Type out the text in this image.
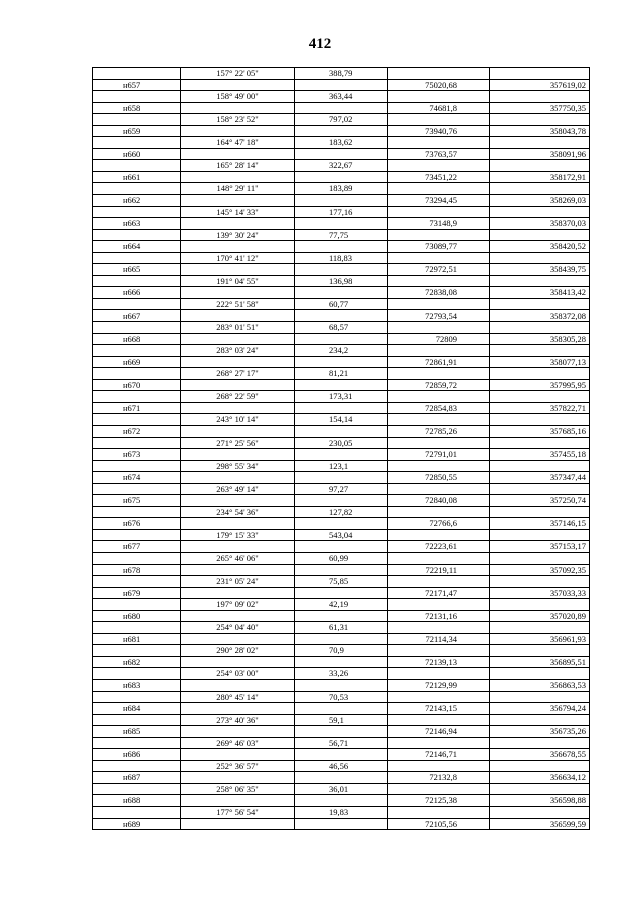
412
	157° 22' 05"	388,79		
н657			75020,68	357619,02
	158° 49' 00"	363,44		
н658			74681,8	357750,35
	158° 23' 52"	797,02		
н659			73940,76	358043,78
	164° 47' 18"	183,62		
н660			73763,57	358091,96
	165° 28' 14"	322,67		
н661			73451,22	358172,91
	148° 29' 11"	183,89		
н662			73294,45	358269,03
	145° 14' 33"	177,16		
н663			73148,9	358370,03
	139° 30' 24"	77,75		
н664			73089,77	358420,52
	170° 41' 12"	118,83		
н665			72972,51	358439,75
	191° 04' 55"	136,98		
н666			72838,08	358413,42
	222° 51' 58"	60,77		
н667			72793,54	358372,08
	283° 01' 51"	68,57		
н668			72809	358305,28
	283° 03' 24"	234,2		
н669			72861,91	358077,13
	268° 27' 17"	81,21		
н670			72859,72	357995,95
	268° 22' 59"	173,31		
н671			72854,83	357822,71
	243° 10' 14"	154,14		
н672			72785,26	357685,16
	271° 25' 56"	230,05		
н673			72791,01	357455,18
	298° 55' 34"	123,1		
н674			72850,55	357347,44
	263° 49' 14"	97,27		
н675			72840,08	357250,74
	234° 54' 36"	127,82		
н676			72766,6	357146,15
	179° 15' 33"	543,04		
н677			72223,61	357153,17
	265° 46' 06"	60,99		
н678			72219,11	357092,35
	231° 05' 24"	75,85		
н679			72171,47	357033,33
	197° 09' 02"	42,19		
н680			72131,16	357020,89
	254° 04' 40"	61,31		
н681			72114,34	356961,93
	290° 28' 02"	70,9		
н682			72139,13	356895,51
	254° 03' 00"	33,26		
н683			72129,99	356863,53
	280° 45' 14"	70,53		
н684			72143,15	356794,24
	273° 40' 36"	59,1		
н685			72146,94	356735,26
	269° 46' 03"	56,71		
н686			72146,71	356678,55
	252° 36' 57"	46,56		
н687			72132,8	356634,12
	258° 06' 35"	36,01		
н688			72125,38	356598,88
	177° 56' 54"	19,83		
н689			72105,56	356599,59
